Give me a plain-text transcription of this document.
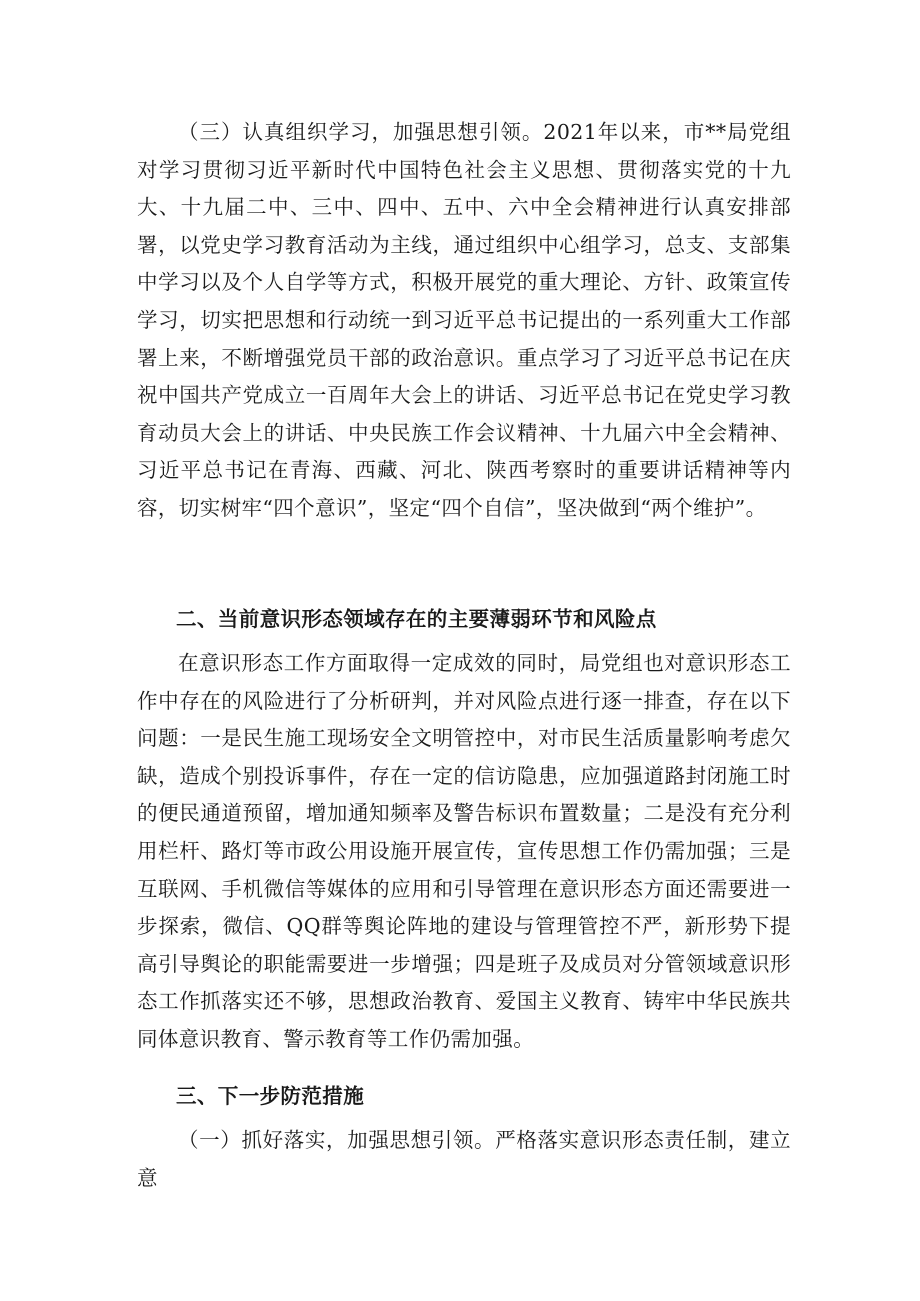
（三）认真组织学习，加强思想引领。2021年以来，市**局党组对学习贯彻习近平新时代中国特色社会主义思想、贯彻落实党的十九大、十九届二中、三中、四中、五中、六中全会精神进行认真安排部署，以党史学习教育活动为主线，通过组织中心组学习，总支、支部集中学习以及个人自学等方式，积极开展党的重大理论、方针、政策宣传学习，切实把思想和行动统一到习近平总书记提出的一系列重大工作部署上来，不断增强党员干部的政治意识。重点学习了习近平总书记在庆祝中国共产党成立一百周年大会上的讲话、习近平总书记在党史学习教育动员大会上的讲话、中央民族工作会议精神、十九届六中全会精神、习近平总书记在青海、西藏、河北、陕西考察时的重要讲话精神等内容，切实树牢“四个意识”，坚定“四个自信”，坚决做到“两个维护”。

二、当前意识形态领域存在的主要薄弱环节和风险点

在意识形态工作方面取得一定成效的同时，局党组也对意识形态工作中存在的风险进行了分析研判，并对风险点进行逐一排查，存在以下问题：一是民生施工现场安全文明管控中，对市民生活质量影响考虑欠缺，造成个别投诉事件，存在一定的信访隐患，应加强道路封闭施工时的便民通道预留，增加通知频率及警告标识布置数量；二是没有充分利用栏杆、路灯等市政公用设施开展宣传，宣传思想工作仍需加强；三是互联网、手机微信等媒体的应用和引导管理在意识形态方面还需要进一步探索，微信、QQ群等舆论阵地的建设与管理管控不严，新形势下提高引导舆论的职能需要进一步增强；四是班子及成员对分管领域意识形态工作抓落实还不够，思想政治教育、爱国主义教育、铸牢中华民族共同体意识教育、警示教育等工作仍需加强。

三、下一步防范措施

（一）抓好落实，加强思想引领。严格落实意识形态责任制，建立意
